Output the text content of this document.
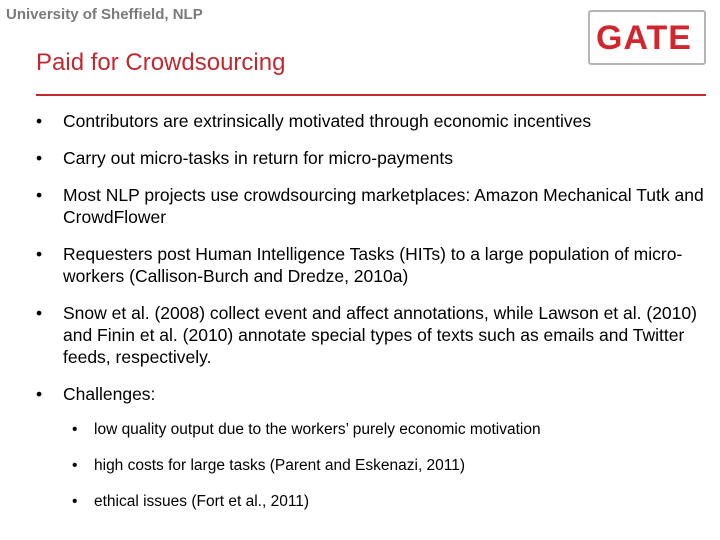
University of Sheffield, NLP
Paid for Crowdsourcing
GATE
• Contributors are extrinsically motivated through economic incentives
• Carry out micro-tasks in return for micro-payments
• Most NLP projects use crowdsourcing marketplaces: Amazon Mechanical Tutk and CrowdFlower
• Requesters post Human Intelligence Tasks (HITs) to a large population of micro-workers (Callison-Burch and Dredze, 2010a)
• Snow et al. (2008) collect event and affect annotations, while Lawson et al. (2010) and Finin et al. (2010) annotate special types of texts such as emails and Twitter feeds, respectively.
• Challenges:
• low quality output due to the workers’ purely economic motivation
• high costs for large tasks (Parent and Eskenazi, 2011)
• ethical issues (Fort et al., 2011)
